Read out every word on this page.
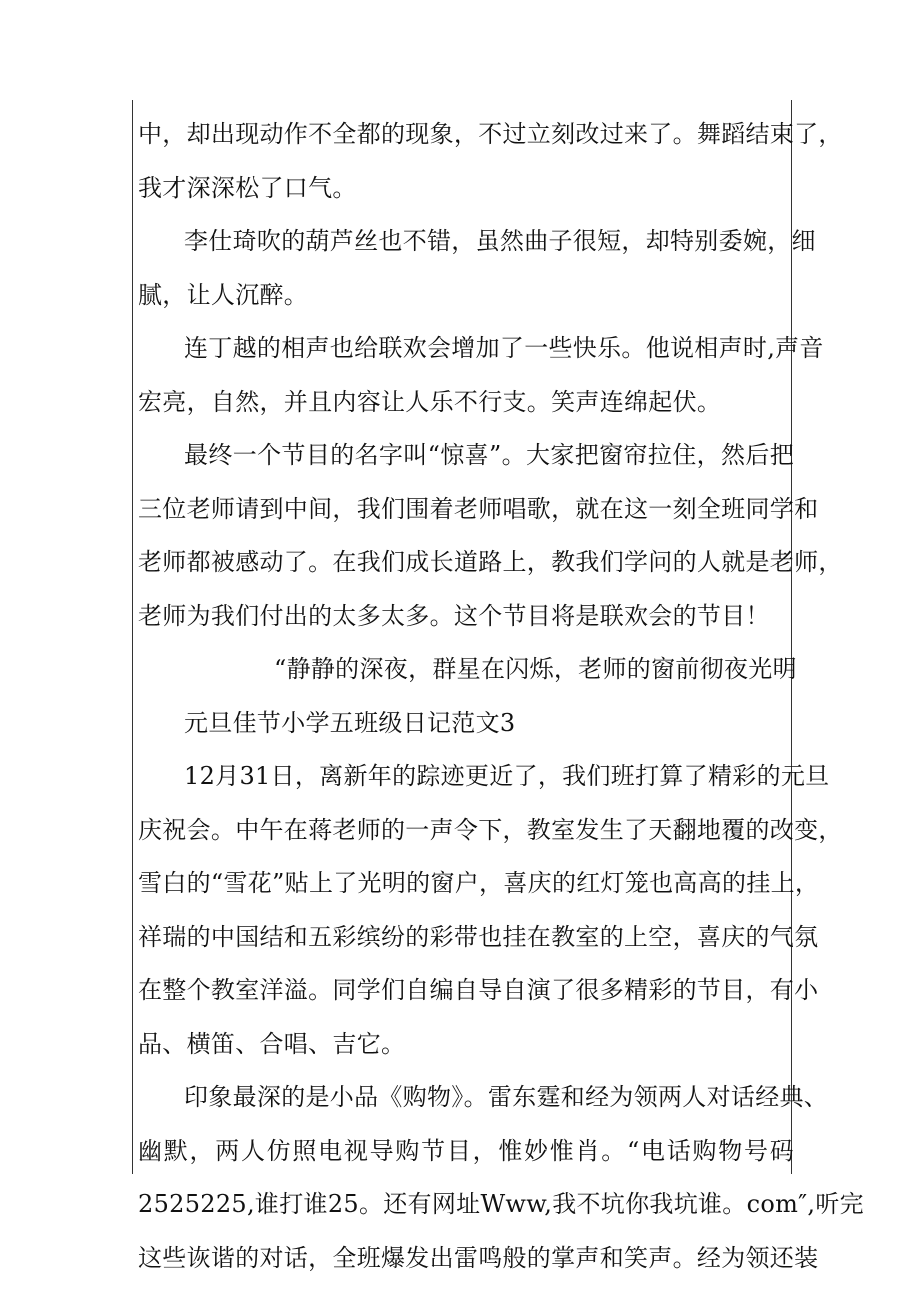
中，却出现动作不全都的现象，不过立刻改过来了。舞蹈结束了，
我才深深松了口气。
李仕琦吹的葫芦丝也不错，虽然曲子很短，却特别委婉，细
腻，让人沉醉。
连丁越的相声也给联欢会增加了一些快乐。他说相声时,声音
宏亮，自然，并且内容让人乐不行支。笑声连绵起伏。
最终一个节目的名字叫“惊喜”。大家把窗帘拉住，然后把
三位老师请到中间，我们围着老师唱歌，就在这一刻全班同学和
老师都被感动了。在我们成长道路上，教我们学问的人就是老师，
老师为我们付出的太多太多。这个节目将是联欢会的节目！
“静静的深夜，群星在闪烁，老师的窗前彻夜光明
元旦佳节小学五班级日记范文3
12月31日，离新年的踪迹更近了，我们班打算了精彩的元旦
庆祝会。中午在蒋老师的一声令下，教室发生了天翻地覆的改变，
雪白的“雪花”贴上了光明的窗户，喜庆的红灯笼也高高的挂上，
祥瑞的中国结和五彩缤纷的彩带也挂在教室的上空，喜庆的气氛
在整个教室洋溢。同学们自编自导自演了很多精彩的节目，有小
品、横笛、合唱、吉它。
印象最深的是小品《购物》。雷东霆和经为领两人对话经典、
幽默，两人仿照电视导购节目，惟妙惟肖。“电话购物号码
2525225,谁打谁25。还有网址Www,我不坑你我坑谁。com″,听完
这些诙谐的对话，全班爆发出雷鸣般的掌声和笑声。经为领还装
